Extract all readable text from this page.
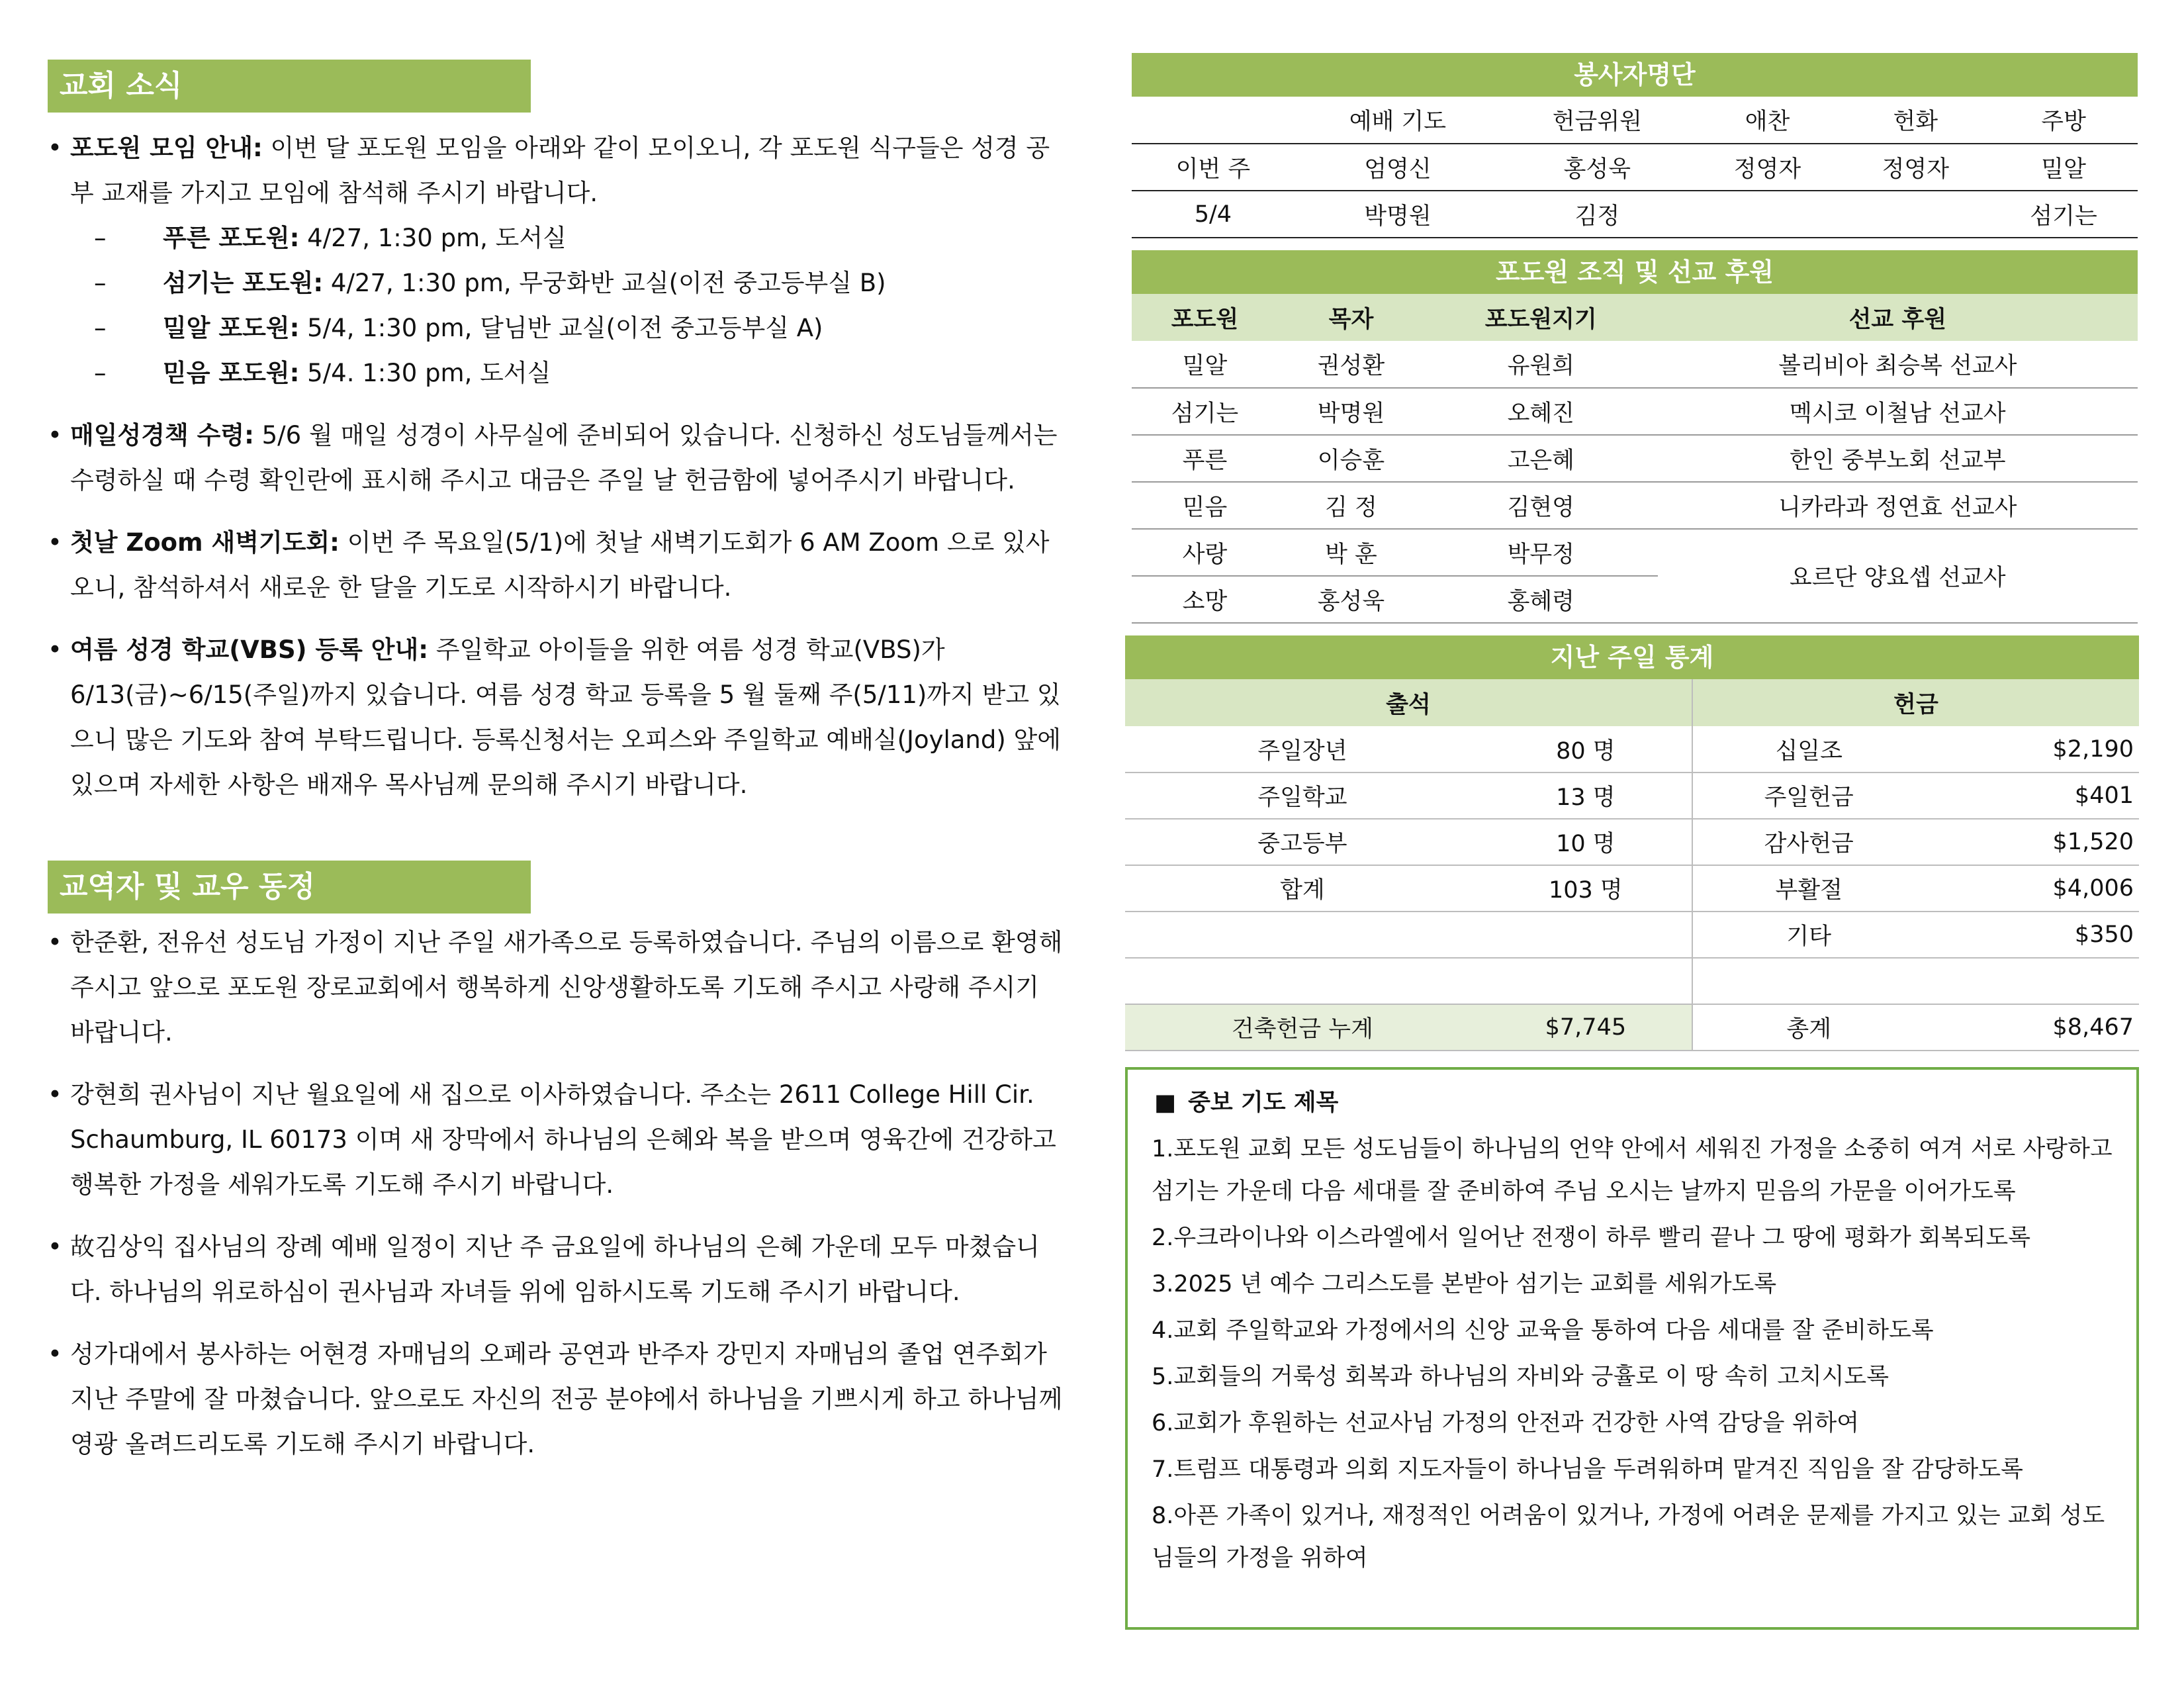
교회 소식
• 포도원 모임 안내: 이번 달 포도원 모임을 아래와 같이 모이오니, 각 포도원 식구들은 성경 공부 교재를 가지고 모임에 참석해 주시기 바랍니다.
– 푸른 포도원: 4/27, 1:30 pm, 도서실
– 섬기는 포도원: 4/27, 1:30 pm, 무궁화반 교실(이전 중고등부실 B)
– 밀알 포도원: 5/4, 1:30 pm, 달님반 교실(이전 중고등부실 A)
– 믿음 포도원: 5/4. 1:30 pm, 도서실
• 매일성경책 수령: 5/6 월 매일 성경이 사무실에 준비되어 있습니다. 신청하신 성도님들께서는 수령하실 때 수령 확인란에 표시해 주시고 대금은 주일 날 헌금함에 넣어주시기 바랍니다.
• 첫날 Zoom 새벽기도회: 이번 주 목요일(5/1)에 첫날 새벽기도회가 6 AM Zoom 으로 있사오니, 참석하셔서 새로운 한 달을 기도로 시작하시기 바랍니다.
• 여름 성경 학교(VBS) 등록 안내: 주일학교 아이들을 위한 여름 성경 학교(VBS)가 6/13(금)~6/15(주일)까지 있습니다. 여름 성경 학교 등록을 5 월 둘째 주(5/11)까지 받고 있으니 많은 기도와 참여 부탁드립니다. 등록신청서는 오피스와 주일학교 예배실(Joyland) 앞에 있으며 자세한 사항은 배재우 목사님께 문의해 주시기 바랍니다.
교역자 및 교우 동정
• 한준환, 전유선 성도님 가정이 지난 주일 새가족으로 등록하였습니다. 주님의 이름으로 환영해 주시고 앞으로 포도원 장로교회에서 행복하게 신앙생활하도록 기도해 주시고 사랑해 주시기 바랍니다.
• 강현희 권사님이 지난 월요일에 새 집으로 이사하였습니다. 주소는 2611 College Hill Cir. Schaumburg, IL 60173 이며 새 장막에서 하나님의 은혜와 복을 받으며 영육간에 건강하고 행복한 가정을 세워가도록 기도해 주시기 바랍니다.
• 故김상익 집사님의 장례 예배 일정이 지난 주 금요일에 하나님의 은혜 가운데 모두 마쳤습니다. 하나님의 위로하심이 권사님과 자녀들 위에 임하시도록 기도해 주시기 바랍니다.
• 성가대에서 봉사하는 어현경 자매님의 오페라 공연과 반주자 강민지 자매님의 졸업 연주회가 지난 주말에 잘 마쳤습니다. 앞으로도 자신의 전공 분야에서 하나님을 기쁘시게 하고 하나님께 영광 올려드리도록 기도해 주시기 바랍니다.
봉사자명단
	예배 기도	헌금위원	애찬	헌화	주방
이번 주	엄영신	홍성욱	정영자	정영자	밀알
5/4	박명원	김정			섬기는
포도원 조직 및 선교 후원
포도원	목자	포도원지기	선교 후원
밀알	권성환	유원희	볼리비아 최승복 선교사
섬기는	박명원	오혜진	멕시코 이철남 선교사
푸른	이승훈	고은혜	한인 중부노회 선교부
믿음	김 정	김현영	니카라과 정연효 선교사
사랑	박 훈	박무정	요르단 양요셉 선교사
소망	홍성욱	홍혜령	
지난 주일 통계
출석		헌금	
주일장년	80 명	십일조	$2,190
주일학교	13 명	주일헌금	$401
중고등부	10 명	감사헌금	$1,520
합계	103 명	부활절	$4,006
		기타	$350

건축헌금 누계	$7,745	총계	$8,467
■ 중보 기도 제목
1.포도원 교회 모든 성도님들이 하나님의 언약 안에서 세워진 가정을 소중히 여겨 서로 사랑하고 섬기는 가운데 다음 세대를 잘 준비하여 주님 오시는 날까지 믿음의 가문을 이어가도록
2.우크라이나와 이스라엘에서 일어난 전쟁이 하루 빨리 끝나 그 땅에 평화가 회복되도록
3.2025 년 예수 그리스도를 본받아 섬기는 교회를 세워가도록
4.교회 주일학교와 가정에서의 신앙 교육을 통하여 다음 세대를 잘 준비하도록
5.교회들의 거룩성 회복과 하나님의 자비와 긍휼로 이 땅 속히 고치시도록
6.교회가 후원하는 선교사님 가정의 안전과 건강한 사역 감당을 위하여
7.트럼프 대통령과 의회 지도자들이 하나님을 두려워하며 맡겨진 직임을 잘 감당하도록
8.아픈 가족이 있거나, 재정적인 어려움이 있거나, 가정에 어려운 문제를 가지고 있는 교회 성도님들의 가정을 위하여
